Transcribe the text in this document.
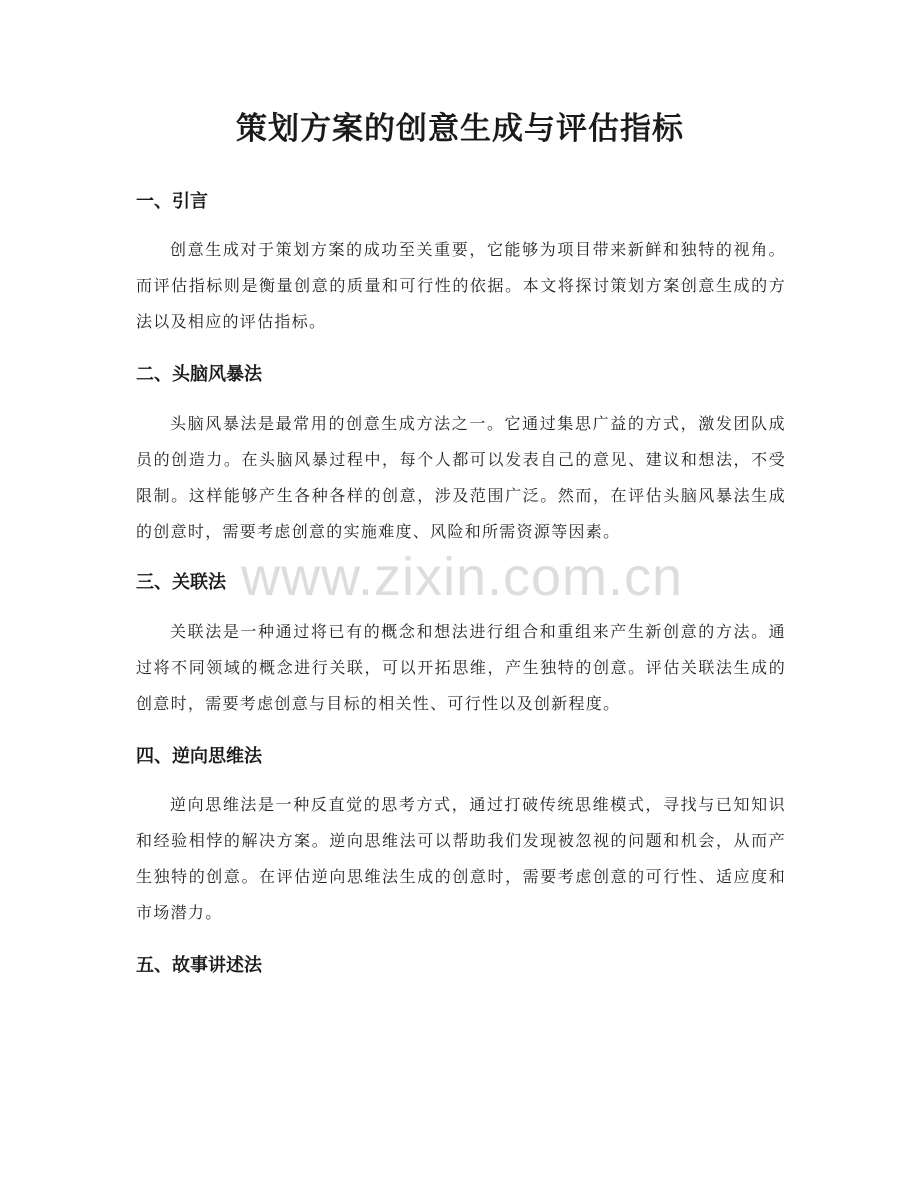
策划方案的创意生成与评估指标
一、引言
创意生成对于策划方案的成功至关重要，它能够为项目带来新鲜和独特的视角。而评估指标则是衡量创意的质量和可行性的依据。本文将探讨策划方案创意生成的方法以及相应的评估指标。
二、头脑风暴法
头脑风暴法是最常用的创意生成方法之一。它通过集思广益的方式，激发团队成员的创造力。在头脑风暴过程中，每个人都可以发表自己的意见、建议和想法，不受限制。这样能够产生各种各样的创意，涉及范围广泛。然而，在评估头脑风暴法生成的创意时，需要考虑创意的实施难度、风险和所需资源等因素。
三、关联法
关联法是一种通过将已有的概念和想法进行组合和重组来产生新创意的方法。通过将不同领域的概念进行关联，可以开拓思维，产生独特的创意。评估关联法生成的创意时，需要考虑创意与目标的相关性、可行性以及创新程度。
四、逆向思维法
逆向思维法是一种反直觉的思考方式，通过打破传统思维模式，寻找与已知知识和经验相悖的解决方案。逆向思维法可以帮助我们发现被忽视的问题和机会，从而产生独特的创意。在评估逆向思维法生成的创意时，需要考虑创意的可行性、适应度和市场潜力。
五、故事讲述法
www.zixin.com.cn
